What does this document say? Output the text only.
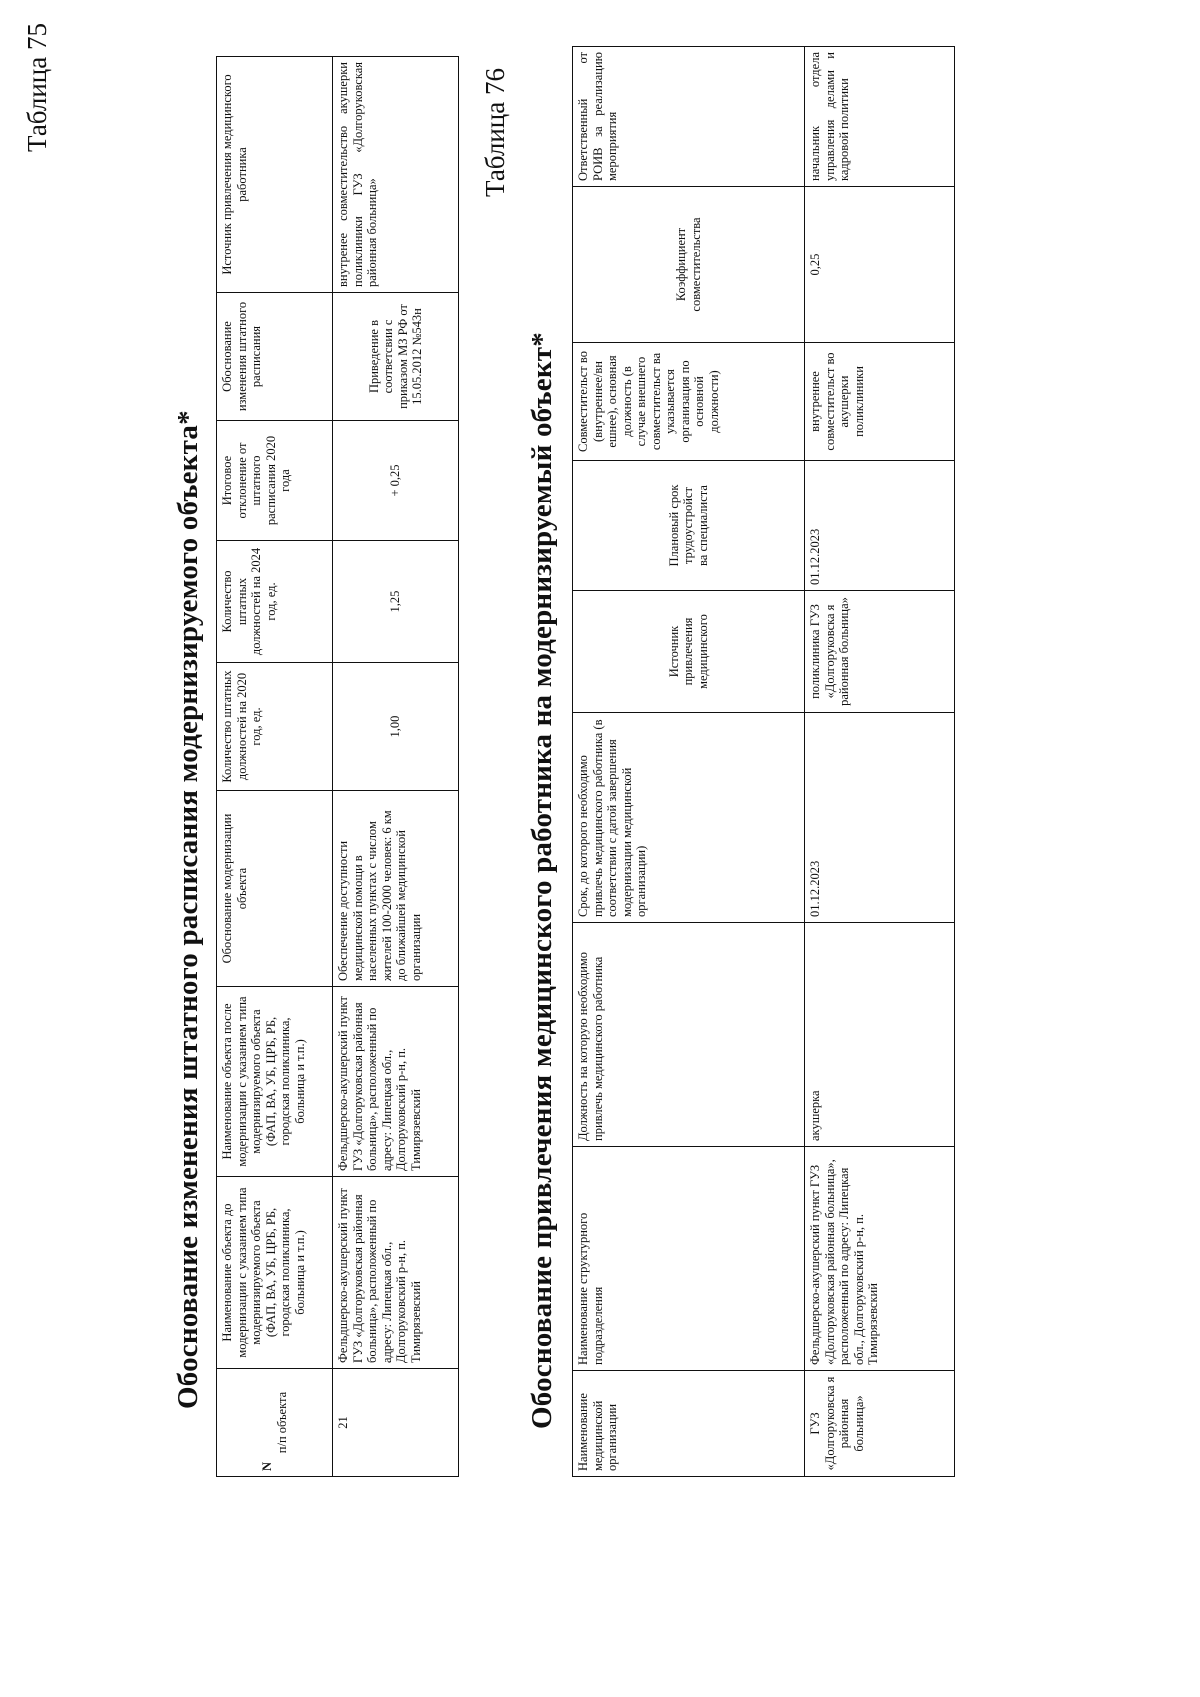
Таблица 75
Обоснование изменения штатного расписания модернизируемого объекта*
N
п/п объекта	Наименование объекта до модернизации с указанием типа модернизируемого объекта (ФАП, ВА, УБ, ЦРБ, РБ, городская поликлиника, больница и т.п.)	Наименование объекта после модернизации с указанием типа модернизируемого объекта (ФАП, ВА, УБ, ЦРБ, РБ, городская поликлиника, больница и т.п.)	Обоснование модернизации объекта	Количество штатных должностей на 2020 год, ед.	Количество штатных должностей на 2024 год, ед.	Итоговое отклонение от штатного расписания 2020 года	Обоснование изменения штатного расписания	Источник привлечения медицинского работника
21	Фельдшерско-акушерский пункт ГУЗ «Долгоруковская районная больница», расположенный по адресу: Липецкая обл., Долгоруковский р-н, п. Тимирязевский	Фельдшерско-акушерский пункт ГУЗ «Долгоруковская районная больница», расположенный по адресу: Липецкая обл., Долгоруковский р-н, п. Тимирязевский	Обеспечение доступности медицинской помощи в населенных пунктах с числом жителей 100-2000 человек: 6 км до ближайшей медицинской организации	1,00	1,25	+ 0,25	Приведение в соответсвии с приказом МЗ РФ от 15.05.2012 №543н	внутренее совместительство акушерки поликлиники ГУЗ «Долгоруковская районная больница»
Таблица 76
Обоснование привлечения медицинского работника на модернизируемый объект*
Наименование медицинской организации	Наименование структурного подразделения	Должность на которую необходимо привлечь медицинского работника	Срок, до которого необходимо привлечь медицинского работника (в соответствии с датой завершения модернизации медицинской организации)	Источник привлечения медицинского	Плановый срок трудоустройст ва специалиста	Совместительст во (внутреннее/вн ешнее), основная должность (в случае внешнего совместительст ва указывается организация по основной должности)	Коэффициент совместительства	Ответственный от РОИВ за реализацию мероприятия
ГУЗ «Долгоруковска я районная больница»	Фельдшерско-акушерский пункт ГУЗ «Долгоруковская районная больница», расположенный по адресу: Липецкая обл., Долгоруковский р-н, п. Тимирязевский	акушерка	01.12.2023	поликлиника ГУЗ «Долгоруковска я районная больница»	01.12.2023	внутреннее совместительст во акушерки поликлиники	0,25	начальник отдела управления делами и кадровой политики
